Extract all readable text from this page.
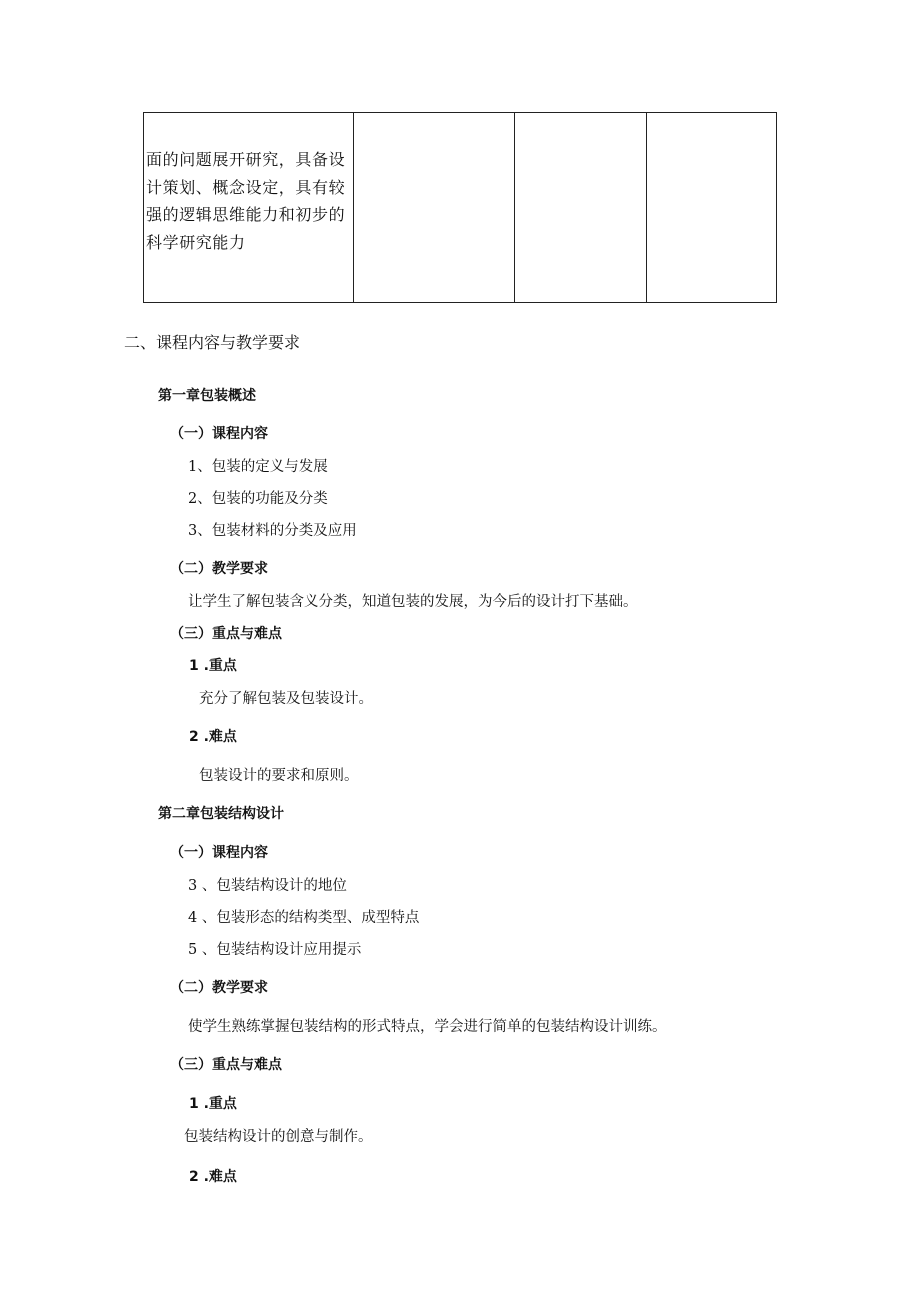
面的问题展开研究，具备设
计策划、概念设定，具有较
强的逻辑思维能力和初步的
科学研究能力
二、课程内容与教学要求
第一章包装概述
（一）课程内容
1、包装的定义与发展
2、包装的功能及分类
3、包装材料的分类及应用
（二）教学要求
让学生了解包装含义分类，知道包装的发展，为今后的设计打下基础。
（三）重点与难点
1 .重点
充分了解包装及包装设计。
2 .难点
包装设计的要求和原则。
第二章包装结构设计
（一）课程内容
3 、包装结构设计的地位
4 、包装形态的结构类型、成型特点
5 、包装结构设计应用提示
（二）教学要求
使学生熟练掌握包装结构的形式特点，学会进行简单的包装结构设计训练。
（三）重点与难点
1 .重点
包装结构设计的创意与制作。
2 .难点
